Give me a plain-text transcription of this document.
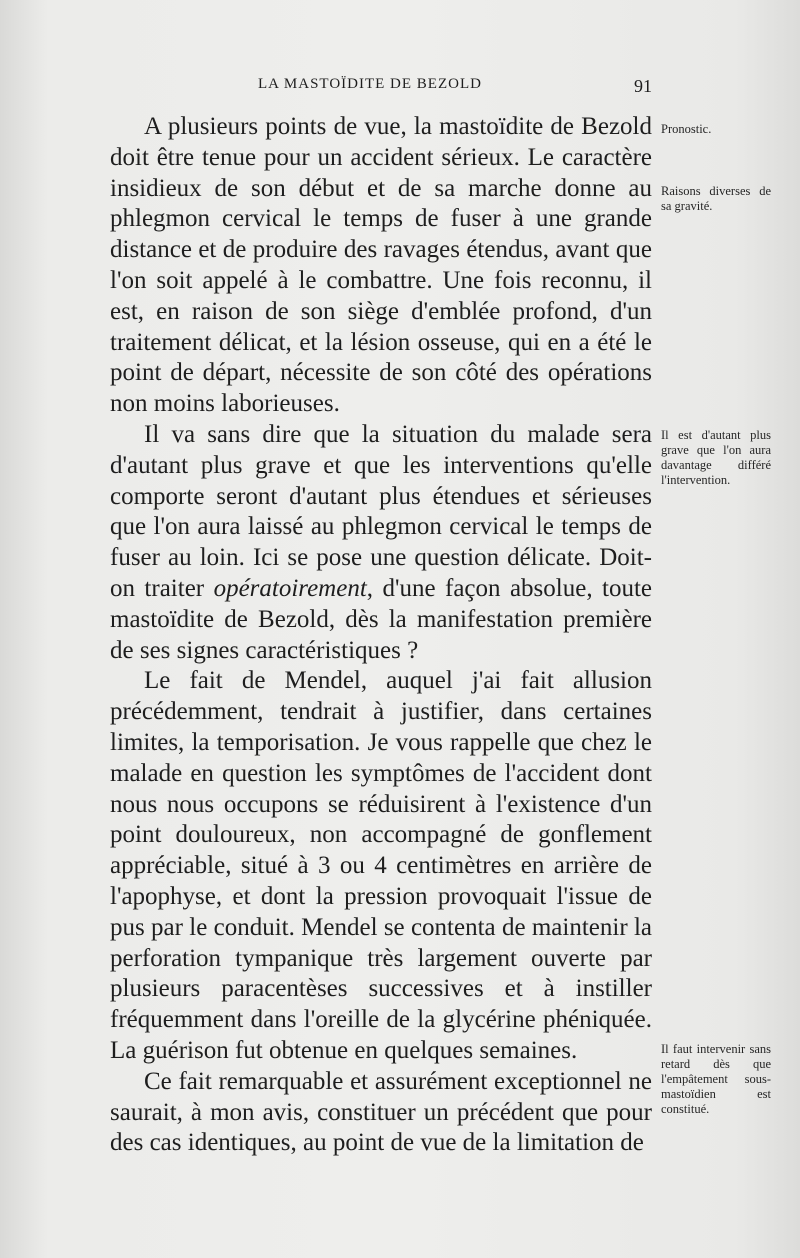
LA MASTOÏDITE DE BEZOLD	91

A plusieurs points de vue, la mastoïdite de Bezold doit être tenue pour un accident sérieux. Le caractère insidieux de son début et de sa marche donne au phlegmon cervical le temps de fuser à une grande distance et de produire des ravages étendus, avant que l'on soit appelé à le combattre. Une fois reconnu, il est, en raison de son siège d'emblée profond, d'un traitement délicat, et la lésion osseuse, qui en a été le point de départ, nécessite de son côté des opérations non moins laborieuses.

Il va sans dire que la situation du malade sera d'autant plus grave et que les interventions qu'elle comporte seront d'autant plus étendues et sérieuses que l'on aura laissé au phlegmon cervical le temps de fuser au loin. Ici se pose une question délicate. Doit-on traiter opératoirement, d'une façon absolue, toute mastoïdite de Bezold, dès la manifestation première de ses signes caractéristiques ?

Le fait de Mendel, auquel j'ai fait allusion précédemment, tendrait à justifier, dans certaines limites, la temporisation. Je vous rappelle que chez le malade en question les symptômes de l'accident dont nous nous occupons se réduisirent à l'existence d'un point douloureux, non accompagné de gonflement appréciable, situé à 3 ou 4 centimètres en arrière de l'apophyse, et dont la pression provoquait l'issue de pus par le conduit. Mendel se contenta de maintenir la perforation tympanique très largement ouverte par plusieurs paracentèses successives et à instiller fréquemment dans l'oreille de la glycérine phéniquée. La guérison fut obtenue en quelques semaines.

Ce fait remarquable et assurément exceptionnel ne saurait, à mon avis, constituer un précédent que pour des cas identiques, au point de vue de la limitation de

Pronostic.
Raisons diverses de sa gravité.
Il est d'autant plus grave que l'on aura davantage différé l'intervention.
Il faut intervenir sans retard dès que l'empâtement sous-mastoïdien est constitué.
